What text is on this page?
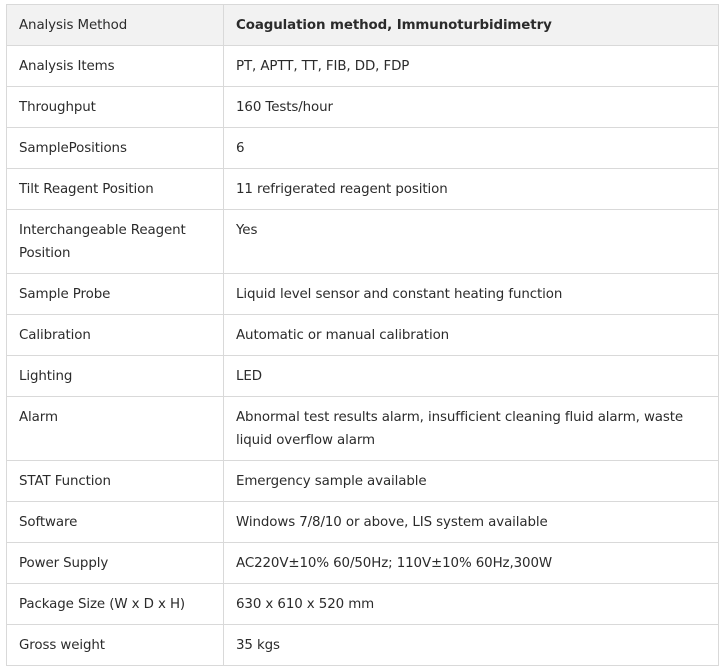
Analysis Method	Coagulation method, Immunoturbidimetry
Analysis Items	PT, APTT, TT, FIB, DD, FDP
Throughput	160 Tests/hour
SamplePositions	6
Tilt Reagent Position	11 refrigerated reagent position
Interchangeable Reagent Position	Yes
Sample Probe	Liquid level sensor and constant heating function
Calibration	Automatic or manual calibration
Lighting	LED
Alarm	Abnormal test results alarm, insufficient cleaning fluid alarm, waste liquid overflow alarm
STAT Function	Emergency sample available
Software	Windows 7/8/10 or above, LIS system available
Power Supply	AC220V±10% 60/50Hz; 110V±10% 60Hz,300W
Package Size (W x D x H)	630 x 610 x 520 mm
Gross weight	35 kgs
